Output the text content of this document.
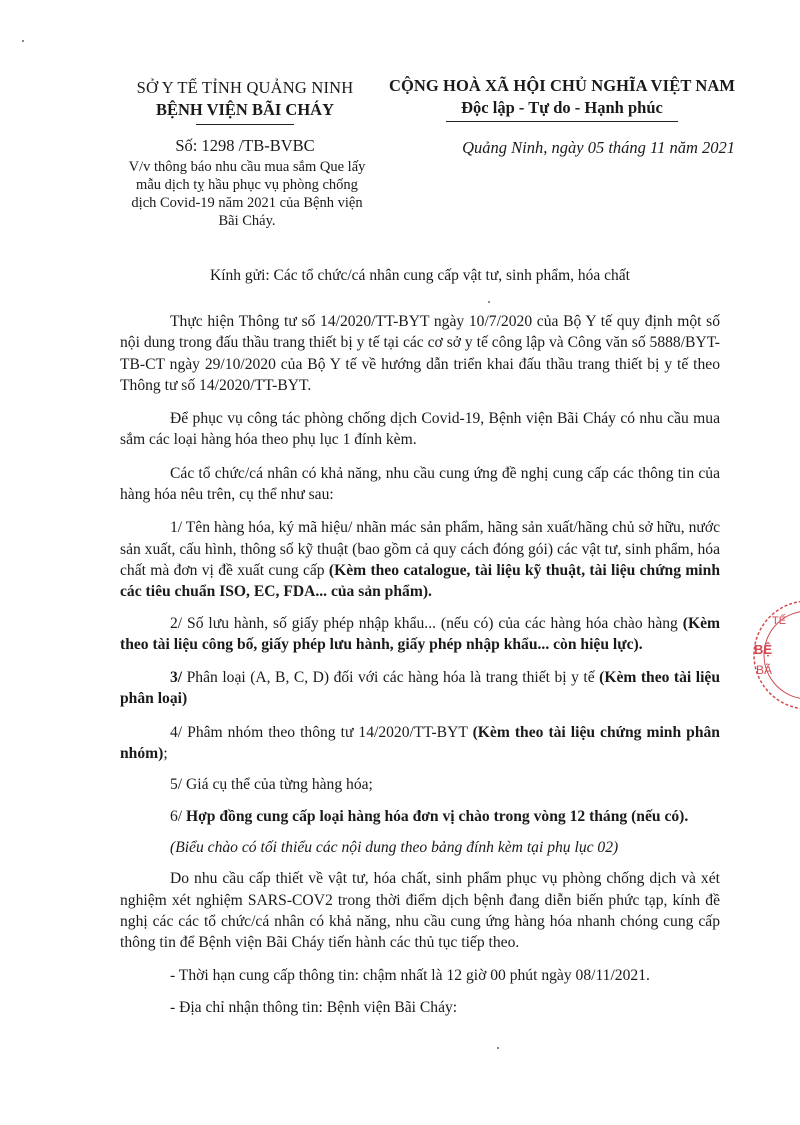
SỞ Y TẾ TỈNH QUẢNG NINH
BỆNH VIỆN BÃI CHÁY
CỘNG HOÀ XÃ HỘI CHỦ NGHĨA VIỆT NAM
Độc lập - Tự do - Hạnh phúc
Số: 1298 /TB-BVBC
V/v thông báo nhu cầu mua sắm Que lấy mẫu dịch tỵ hầu phục vụ phòng chống dịch Covid-19 năm 2021 của Bệnh viện Bãi Cháy.
Quảng Ninh, ngày 05 tháng 11 năm 2021
Kính gửi: Các tổ chức/cá nhân cung cấp vật tư, sinh phẩm, hóa chất

Thực hiện Thông tư số 14/2020/TT-BYT ngày 10/7/2020 của Bộ Y tế quy định một số nội dung trong đấu thầu trang thiết bị y tế tại các cơ sở y tế công lập và Công văn số 5888/BYT-TB-CT ngày 29/10/2020 của Bộ Y tế về hướng dẫn triển khai đấu thầu trang thiết bị y tế theo Thông tư số 14/2020/TT-BYT.

Để phục vụ công tác phòng chống dịch Covid-19, Bệnh viện Bãi Cháy có nhu cầu mua sắm các loại hàng hóa theo phụ lục 1 đính kèm.

Các tổ chức/cá nhân có khả năng, nhu cầu cung ứng đề nghị cung cấp các thông tin của hàng hóa nêu trên, cụ thể như sau:

1/ Tên hàng hóa, ký mã hiệu/ nhãn mác sản phẩm, hãng sản xuất/hãng chủ sở hữu, nước sản xuất, cấu hình, thông số kỹ thuật (bao gồm cả quy cách đóng gói) các vật tư, sinh phẩm, hóa chất mà đơn vị đề xuất cung cấp (Kèm theo catalogue, tài liệu kỹ thuật, tài liệu chứng minh các tiêu chuẩn ISO, EC, FDA... của sản phẩm).

2/ Số lưu hành, số giấy phép nhập khẩu... (nếu có) của các hàng hóa chào hàng (Kèm theo tài liệu công bố, giấy phép lưu hành, giấy phép nhập khẩu... còn hiệu lực).

3/ Phân loại (A, B, C, D) đối với các hàng hóa là trang thiết bị y tế (Kèm theo tài liệu phân loại)

4/ Phâm nhóm theo thông tư 14/2020/TT-BYT (Kèm theo tài liệu chứng minh phân nhóm);

5/ Giá cụ thể của từng hàng hóa;

6/ Hợp đồng cung cấp loại hàng hóa đơn vị chào trong vòng 12 tháng (nếu có).

(Biểu chào có tối thiểu các nội dung theo bảng đính kèm tại phụ lục 02)

Do nhu cầu cấp thiết về vật tư, hóa chất, sinh phẩm phục vụ phòng chống dịch và xét nghiệm xét nghiệm SARS-COV2 trong thời điểm dịch bệnh đang diễn biến phức tạp, kính đề nghị các các tổ chức/cá nhân có khả năng, nhu cầu cung ứng hàng hóa nhanh chóng cung cấp thông tin để Bệnh viện Bãi Cháy tiến hành các thủ tục tiếp theo.

- Thời hạn cung cấp thông tin: chậm nhất là 12 giờ 00 phút ngày 08/11/2021.

- Địa chỉ nhận thông tin: Bệnh viện Bãi Cháy:

TẾ
BỆ
BÃ
